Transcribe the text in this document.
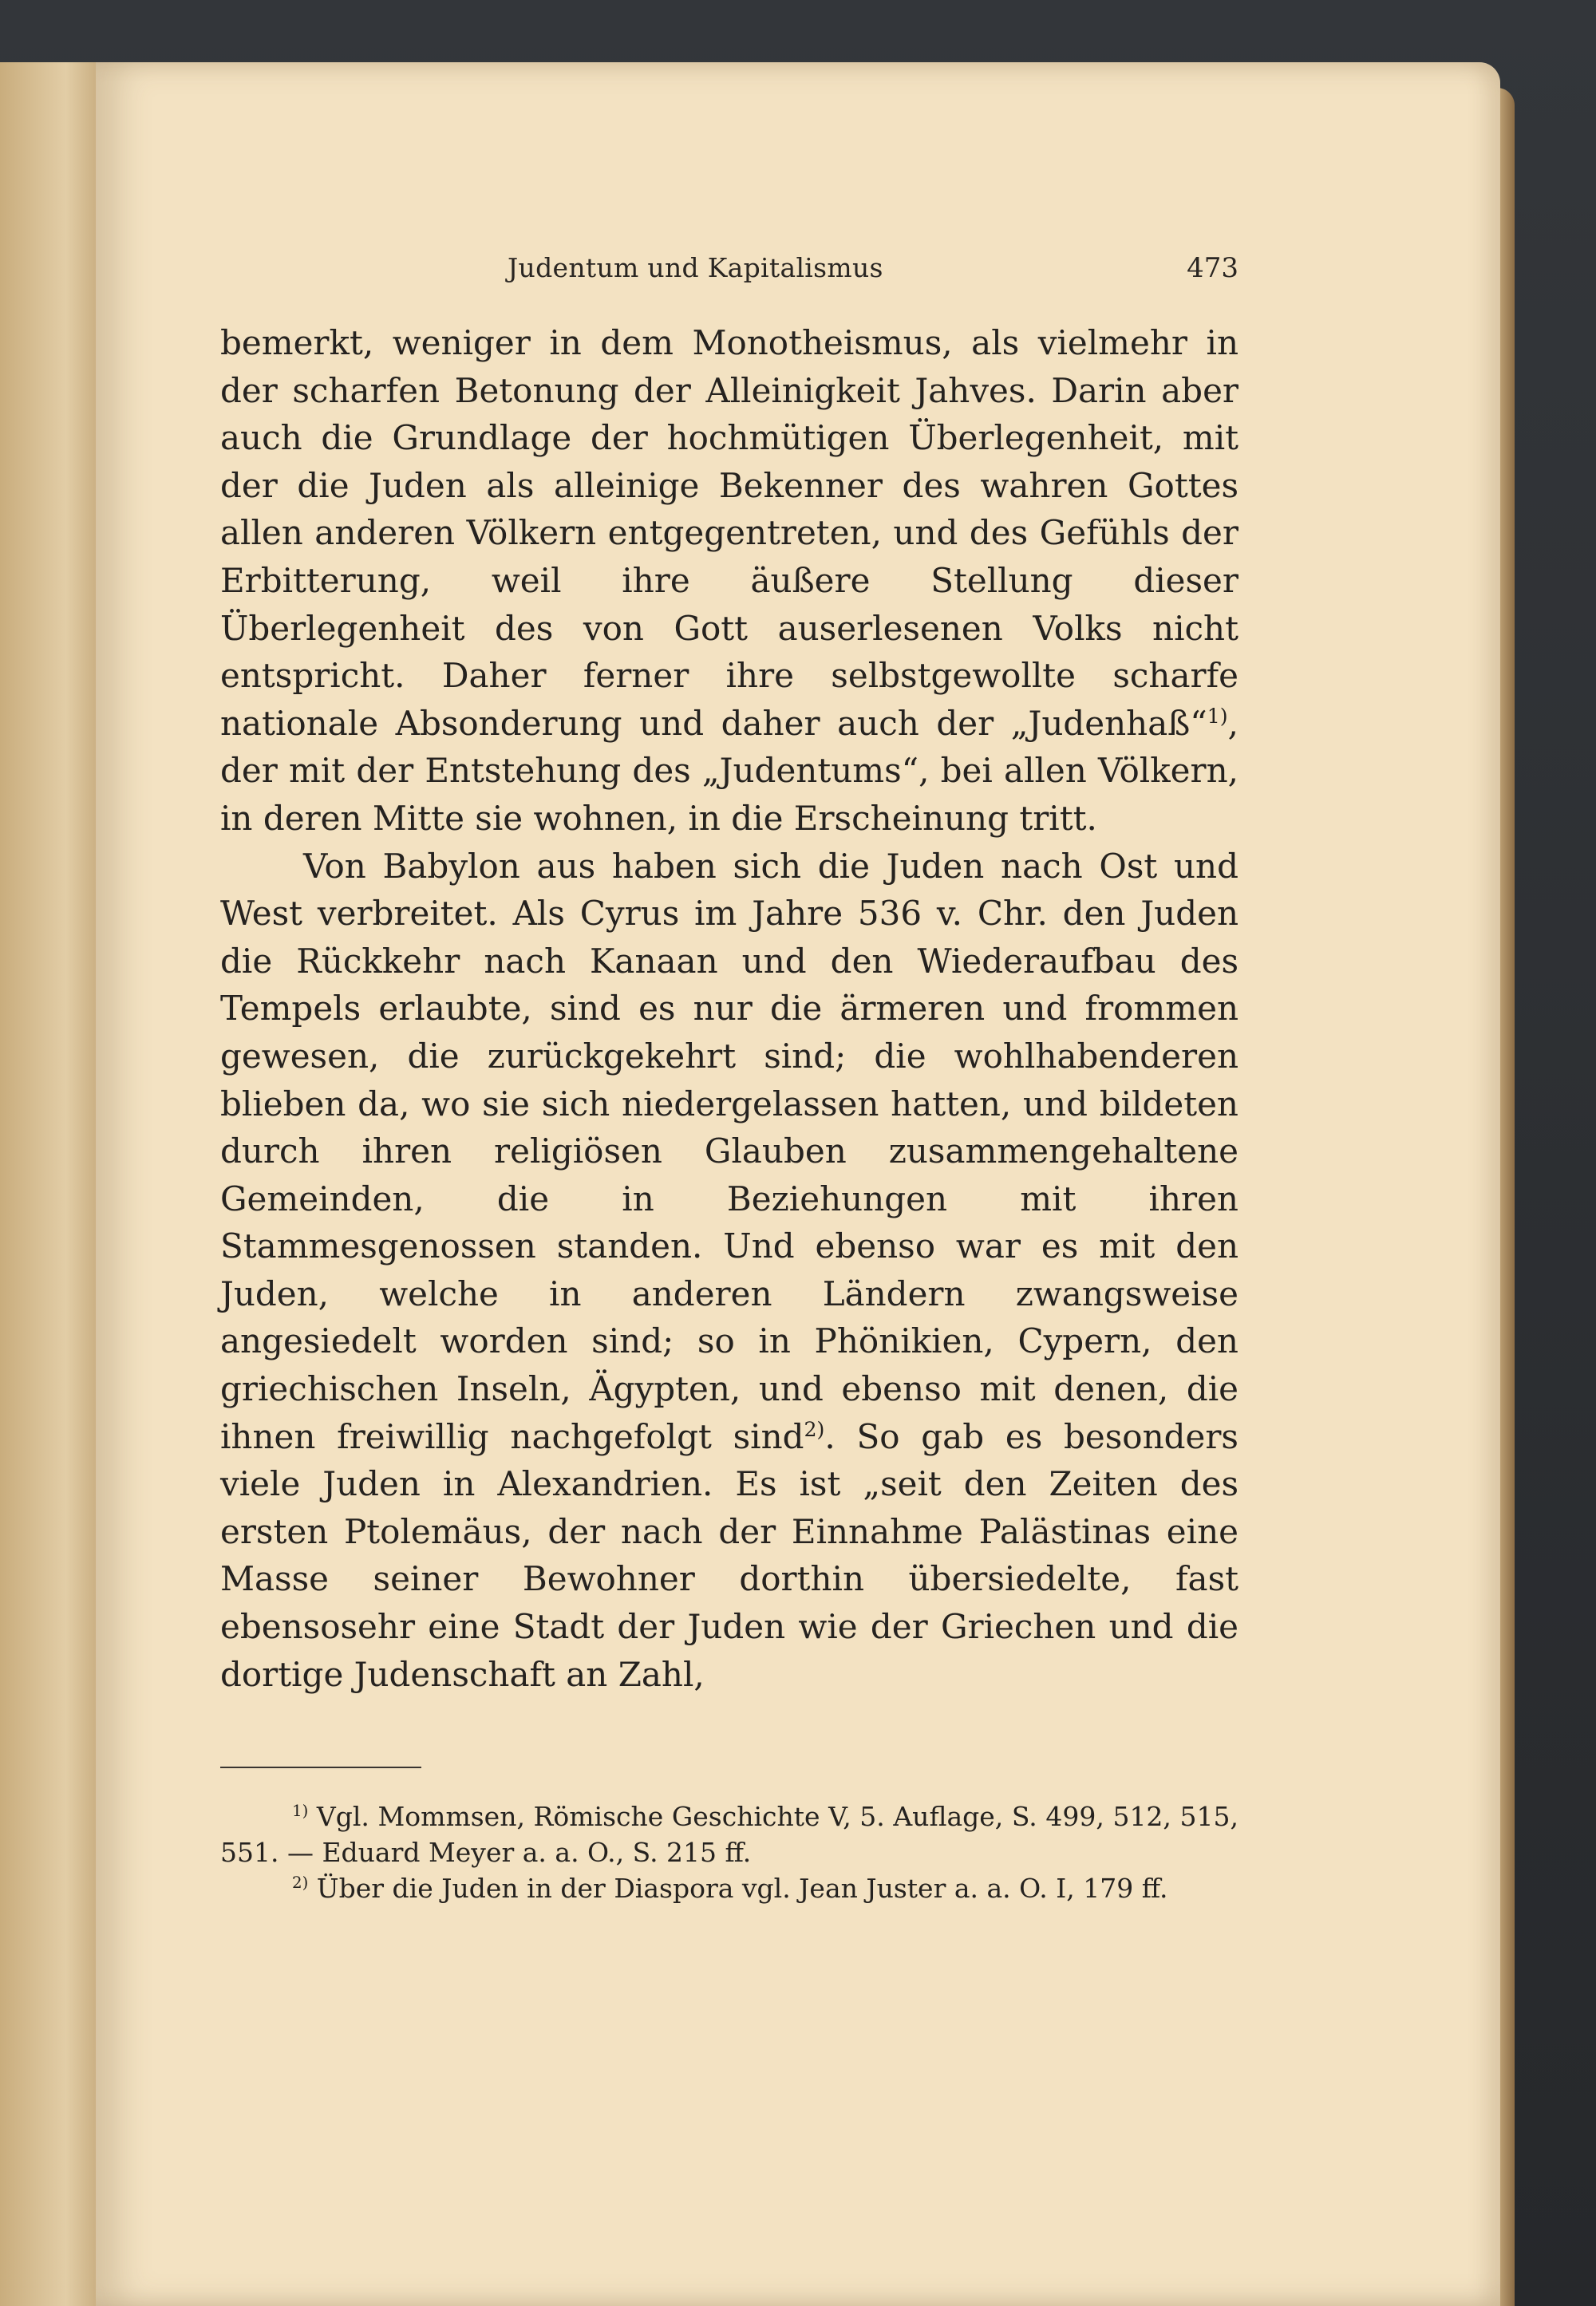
Judentum und Kapitalismus	473

bemerkt, weniger in dem Monotheismus, als vielmehr in der scharfen Betonung der Alleinigkeit Jahves. Darin aber auch die Grundlage der hochmütigen Überlegenheit, mit der die Juden als alleinige Bekenner des wahren Gottes allen anderen Völkern entgegentreten, und des Gefühls der Erbitterung, weil ihre äußere Stellung dieser Überlegenheit des von Gott auserlesenen Volks nicht entspricht. Daher ferner ihre selbstgewollte scharfe nationale Absonderung und daher auch der „Judenhaß“$^{1)}$, der mit der Entstehung des „Judentums“, bei allen Völkern, in deren Mitte sie wohnen, in die Erscheinung tritt.

Von Babylon aus haben sich die Juden nach Ost und West verbreitet. Als Cyrus im Jahre 536 v. Chr. den Juden die Rückkehr nach Kanaan und den Wiederaufbau des Tempels erlaubte, sind es nur die ärmeren und frommen gewesen, die zurückgekehrt sind; die wohlhabenderen blieben da, wo sie sich niedergelassen hatten, und bildeten durch ihren religiösen Glauben zusammengehaltene Gemeinden, die in Beziehungen mit ihren Stammesgenossen standen. Und ebenso war es mit den Juden, welche in anderen Ländern zwangsweise angesiedelt worden sind; so in Phönikien, Cypern, den griechischen Inseln, Ägypten, und ebenso mit denen, die ihnen freiwillig nachgefolgt sind$^{2)}$. So gab es besonders viele Juden in Alexandrien. Es ist „seit den Zeiten des ersten Ptolemäus, der nach der Einnahme Palästinas eine Masse seiner Bewohner dorthin übersiedelte, fast ebensosehr eine Stadt der Juden wie der Griechen und die dortige Judenschaft an Zahl,

$^{1)}$ Vgl. Mommsen, Römische Geschichte V, 5. Auflage, S. 499, 512, 515, 551. — Eduard Meyer a. a. O., S. 215 ff.

$^{2)}$ Über die Juden in der Diaspora vgl. Jean Juster a. a. O. I, 179 ff.
